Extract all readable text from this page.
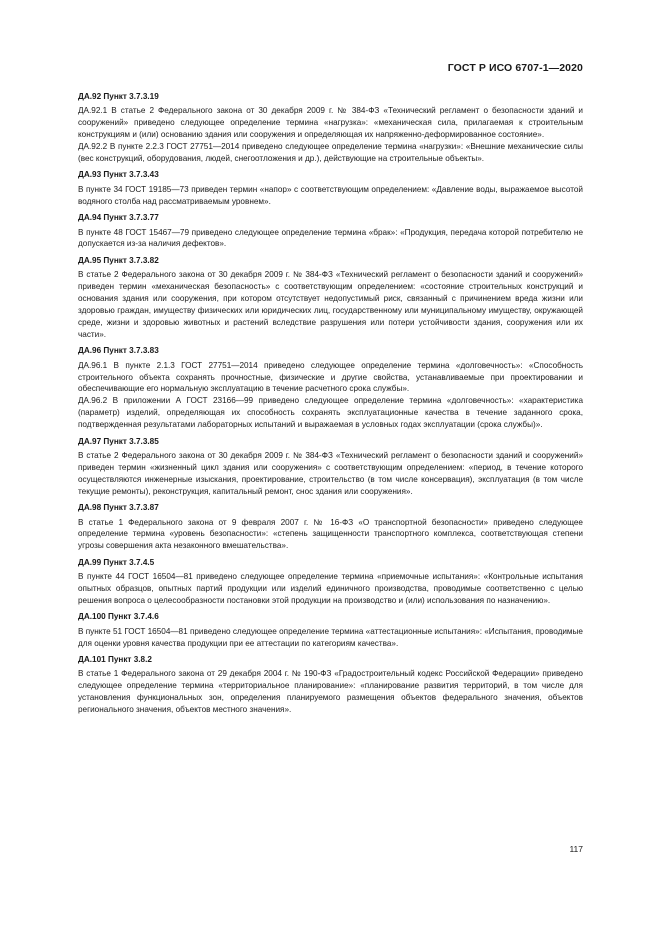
ГОСТ Р ИСО 6707-1—2020

ДА.92 Пункт 3.7.3.19

ДА.92.1 В статье 2 Федерального закона от 30 декабря 2009 г. № 384-ФЗ «Технический регламент о безопасности зданий и сооружений» приведено следующее определение термина «нагрузка»: «механическая сила, прилагаемая к строительным конструкциям и (или) основанию здания или сооружения и определяющая их напряженно-деформированное состояние».

ДА.92.2 В пункте 2.2.3 ГОСТ 27751—2014 приведено следующее определение термина «нагрузки»: «Внешние механические силы (вес конструкций, оборудования, людей, снегоотложения и др.), действующие на строительные объекты».

ДА.93 Пункт 3.7.3.43

В пункте 34 ГОСТ 19185—73 приведен термин «напор» с соответствующим определением: «Давление воды, выражаемое высотой водяного столба над рассматриваемым уровнем».

ДА.94 Пункт 3.7.3.77

В пункте 48 ГОСТ 15467—79 приведено следующее определение термина «брак»: «Продукция, передача которой потребителю не допускается из-за наличия дефектов».

ДА.95 Пункт 3.7.3.82

В статье 2 Федерального закона от 30 декабря 2009 г. № 384-ФЗ «Технический регламент о безопасности зданий и сооружений» приведен термин «механическая безопасность» с соответствующим определением: «состояние строительных конструкций и основания здания или сооружения, при котором отсутствует недопустимый риск, связанный с причинением вреда жизни или здоровью граждан, имуществу физических или юридических лиц, государственному или муниципальному имуществу, окружающей среде, жизни и здоровью животных и растений вследствие разрушения или потери устойчивости здания, сооружения или их части».

ДА.96 Пункт 3.7.3.83

ДА.96.1 В пункте 2.1.3 ГОСТ 27751—2014 приведено следующее определение термина «долговечность»: «Способность строительного объекта сохранять прочностные, физические и другие свойства, устанавливаемые при проектировании и обеспечивающие его нормальную эксплуатацию в течение расчетного срока службы».

ДА.96.2 В приложении А ГОСТ 23166—99 приведено следующее определение термина «долговечность»: «характеристика (параметр) изделий, определяющая их способность сохранять эксплуатационные качества в течение заданного срока, подтвержденная результатами лабораторных испытаний и выражаемая в условных годах эксплуатации (срока службы)».

ДА.97 Пункт 3.7.3.85

В статье 2 Федерального закона от 30 декабря 2009 г. № 384-ФЗ «Технический регламент о безопасности зданий и сооружений» приведен термин «жизненный цикл здания или сооружения» с соответствующим определением: «период, в течение которого осуществляются инженерные изыскания, проектирование, строительство (в том числе консервация), эксплуатация (в том числе текущие ремонты), реконструкция, капитальный ремонт, снос здания или сооружения».

ДА.98 Пункт 3.7.3.87

В статье 1 Федерального закона от 9 февраля 2007 г. № 16-ФЗ «О транспортной безопасности» приведено следующее определение термина «уровень безопасности»: «степень защищенности транспортного комплекса, соответствующая степени угрозы совершения акта незаконного вмешательства».

ДА.99 Пункт 3.7.4.5

В пункте 44 ГОСТ 16504—81 приведено следующее определение термина «приемочные испытания»: «Контрольные испытания опытных образцов, опытных партий продукции или изделий единичного производства, проводимые соответственно с целью решения вопроса о целесообразности постановки этой продукции на производство и (или) использования по назначению».

ДА.100 Пункт 3.7.4.6

В пункте 51 ГОСТ 16504—81 приведено следующее определение термина «аттестационные испытания»: «Испытания, проводимые для оценки уровня качества продукции при ее аттестации по категориям качества».

ДА.101 Пункт 3.8.2

В статье 1 Федерального закона от 29 декабря 2004 г. № 190-ФЗ «Градостроительный кодекс Российской Федерации» приведено следующее определение термина «территориальное планирование»: «планирование развития территорий, в том числе для установления функциональных зон, определения планируемого размещения объектов федерального значения, объектов регионального значения, объектов местного значения».

117
